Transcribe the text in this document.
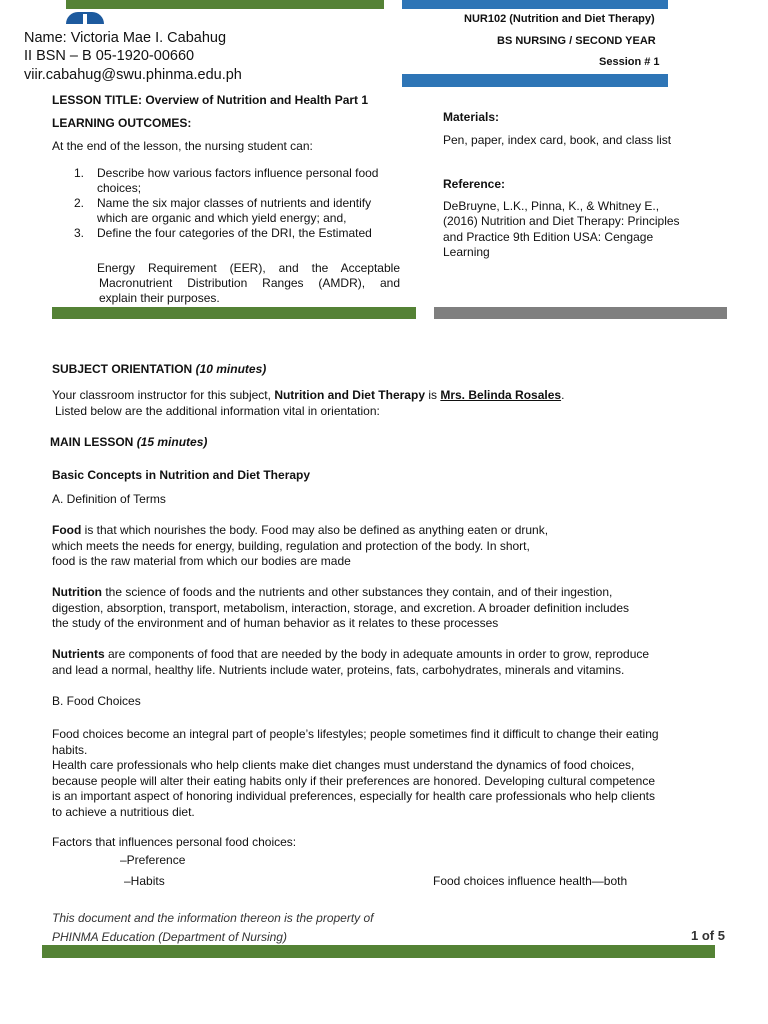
Name: Victoria Mae I. Cabahug
II BSN – B 05-1920-00660
viir.cabahug@swu.phinma.edu.ph
NUR102 (Nutrition and Diet Therapy)
BS NURSING / SECOND YEAR
Session # 1
LESSON TITLE: Overview of Nutrition and Health Part 1
LEARNING OUTCOMES:
At the end of the lesson, the nursing student can:
1. Describe how various factors influence personal food choices;
2. Name the six major classes of nutrients and identify which are organic and which yield energy; and,
3. Define the four categories of the DRI, the Estimated
Energy Requirement (EER), and the Acceptable
Macronutrient Distribution Ranges (AMDR), and
explain their purposes.
Materials:
Pen, paper, index card, book, and class list
Reference:
DeBruyne, L.K., Pinna, K., & Whitney E.,
(2016) Nutrition and Diet Therapy: Principles
and Practice 9th Edition USA: Cengage
Learning
SUBJECT ORIENTATION (10 minutes)
Your classroom instructor for this subject, Nutrition and Diet Therapy is Mrs. Belinda Rosales.
Listed below are the additional information vital in orientation:
MAIN LESSON (15 minutes)
Basic Concepts in Nutrition and Diet Therapy
A. Definition of Terms
Food is that which nourishes the body. Food may also be defined as anything eaten or drunk,
which meets the needs for energy, building, regulation and protection of the body. In short,
food is the raw material from which our bodies are made
Nutrition the science of foods and the nutrients and other substances they contain, and of their ingestion,
digestion, absorption, transport, metabolism, interaction, storage, and excretion. A broader definition includes
the study of the environment and of human behavior as it relates to these processes
Nutrients are components of food that are needed by the body in adequate amounts in order to grow, reproduce
and lead a normal, healthy life. Nutrients include water, proteins, fats, carbohydrates, minerals and vitamins.
B. Food Choices
Food choices become an integral part of people’s lifestyles; people sometimes find it difficult to change their eating
habits.
Health care professionals who help clients make diet changes must understand the dynamics of food choices,
because people will alter their eating habits only if their preferences are honored. Developing cultural competence
is an important aspect of honoring individual preferences, especially for health care professionals who help clients
to achieve a nutritious diet.
Factors that influences personal food choices:
–Preference
–Habits	Food choices influence health—both
This document and the information thereon is the property of
PHINMA Education (Department of Nursing)	1 of 5
